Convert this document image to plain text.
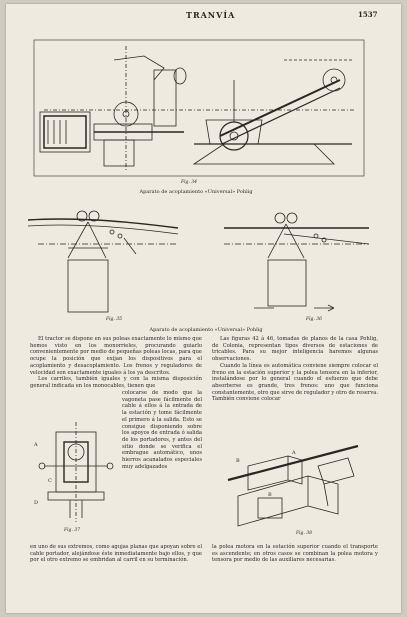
TRANVÍA	1537
Fig. 34
Aparato de acoplamiento «Universal» Pohlig
Fig. 35	Fig. 36
Aparato de acoplamiento «Universal» Pohlig

El tractor se dispone en sus poleas exactamente lo mismo que hemos visto en los monorrieles, procurando guiarlo convenientemente por medio de pequeñas poleas locas, para que ocupe la posición que exijan los dispositivos para el acoplamiento y desacoplamiento. Los frenos y reguladores de velocidad son exactamente iguales á los ya descritos.

Los carriles, también iguales y con la misma disposición general indicada en los monocables, tienen que

A
C
D
Fig. 37

colocarse de modo que la vagoneta pase fácilmente del cable á ellos á la entrada de la estación y tome fácilmente el primero á la salida. Esto se consigue disponiendo sobre los apoyos de entrada ó salida de los portadores, y antes del sitio donde se verifica el embrague automático, unos hierros acanalados especiales muy adelgazados

en uno de sus extremos, como agujas planas que apoyan sobre el cable portador, alejándose éste inmediatamente bajo ellos, y que por el otro extremo se embridan al carril en su terminación.

Las figuras 42 á 46, tomadas de planos de la casa Pohlig, de Colonia, representan tipos diversos de estaciones de tricables. Para su mejor inteligencia haremos algunas observaciones.

Cuando la línea es automática conviene siempre colocar el freno en la estación superior y la polea tensora en la inferior, instalándose por lo general cuando el esfuerzo que debe absorberse es grande, tres frenos: uno que funciona constantemente, otro que sirve de regulador y otro de reserva. También conviene colocar

B
A
B
Fig. 38

la polea motora en la estación superior cuando el transporte es ascendente; en otros casos se combinan la polea motora y tensora por medio de las auxiliares necesarias.
